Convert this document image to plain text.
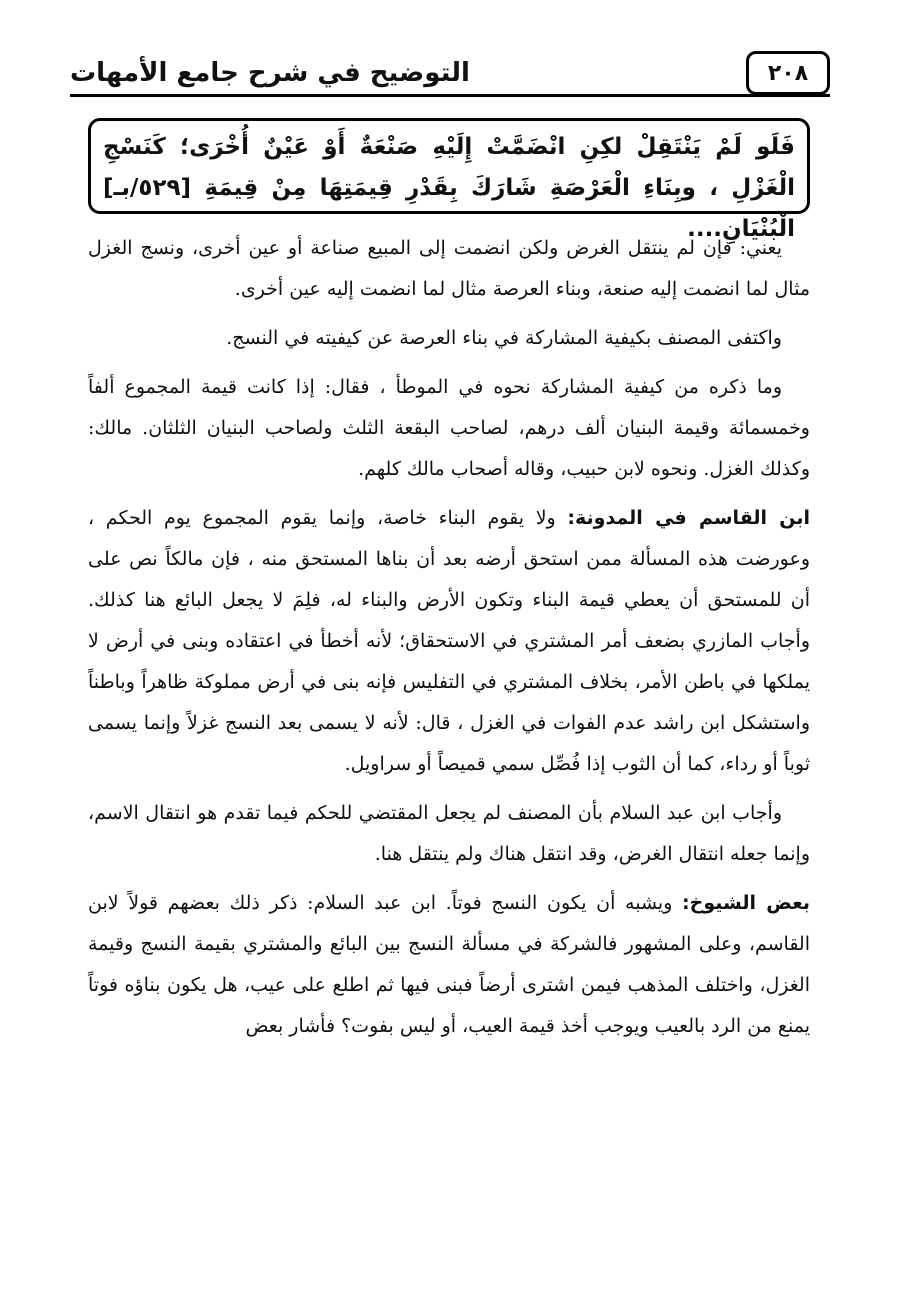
التوضيح في شرح جامع الأمهات	٢٠٨

فَلَو لَمْ يَنْتَقِلْ لكِنِ انْضَمَّتْ إِلَيْهِ صَنْعَةٌ أَوْ عَيْنٌ أُخْرَى؛ كَنَسْجِ الْغَزْلِ ، وبِنَاءِ الْعَرْصَةِ شَارَكَ بِقَدْرِ قِيمَتِهَا مِنْ قِيمَةِ [٥٢٩/بـ] الْبُنْيَانِ....

يعني: فإن لم ينتقل الغرض ولكن انضمت إلى المبيع صناعة أو عين أخرى، ونسج الغزل مثال لما انضمت إليه صنعة، وبناء العرصة مثال لما انضمت إليه عين أخرى.

واكتفى المصنف بكيفية المشاركة في بناء العرصة عن كيفيته في النسج.

وما ذكره من كيفية المشاركة نحوه في الموطأ ، فقال: إذا كانت قيمة المجموع ألفاً وخمسمائة وقيمة البنيان ألف درهم، لصاحب البقعة الثلث ولصاحب البنيان الثلثان. مالك: وكذلك الغزل. ونحوه لابن حبيب، وقاله أصحاب مالك كلهم.

ابن القاسم في المدونة: ولا يقوم البناء خاصة، وإنما يقوم المجموع يوم الحكم ، وعورضت هذه المسألة ممن استحق أرضه بعد أن بناها المستحق منه ، فإن مالكاً نص على أن للمستحق أن يعطي قيمة البناء وتكون الأرض والبناء له، فلِمَ لا يجعل البائع هنا كذلك. وأجاب المازري بضعف أمر المشتري في الاستحقاق؛ لأنه أخطأ في اعتقاده وبنى في أرض لا يملكها في باطن الأمر، بخلاف المشتري في التفليس فإنه بنى في أرض مملوكة ظاهراً وباطناً واستشكل ابن راشد عدم الفوات في الغزل ، قال: لأنه لا يسمى بعد النسج غزلاً وإنما يسمى ثوباً أو رداء، كما أن الثوب إذا فُصِّل سمي قميصاً أو سراويل.

وأجاب ابن عبد السلام بأن المصنف لم يجعل المقتضي للحكم فيما تقدم هو انتقال الاسم، وإنما جعله انتقال الغرض، وقد انتقل هناك ولم ينتقل هنا.

بعض الشيوخ: ويشبه أن يكون النسج فوتاً. ابن عبد السلام: ذكر ذلك بعضهم قولاً لابن القاسم، وعلى المشهور فالشركة في مسألة النسج بين البائع والمشتري بقيمة النسج وقيمة الغزل، واختلف المذهب فيمن اشترى أرضاً فبنى فيها ثم اطلع على عيب، هل يكون بناؤه فوتاً يمنع من الرد بالعيب ويوجب أخذ قيمة العيب، أو ليس بفوت؟ فأشار بعض
